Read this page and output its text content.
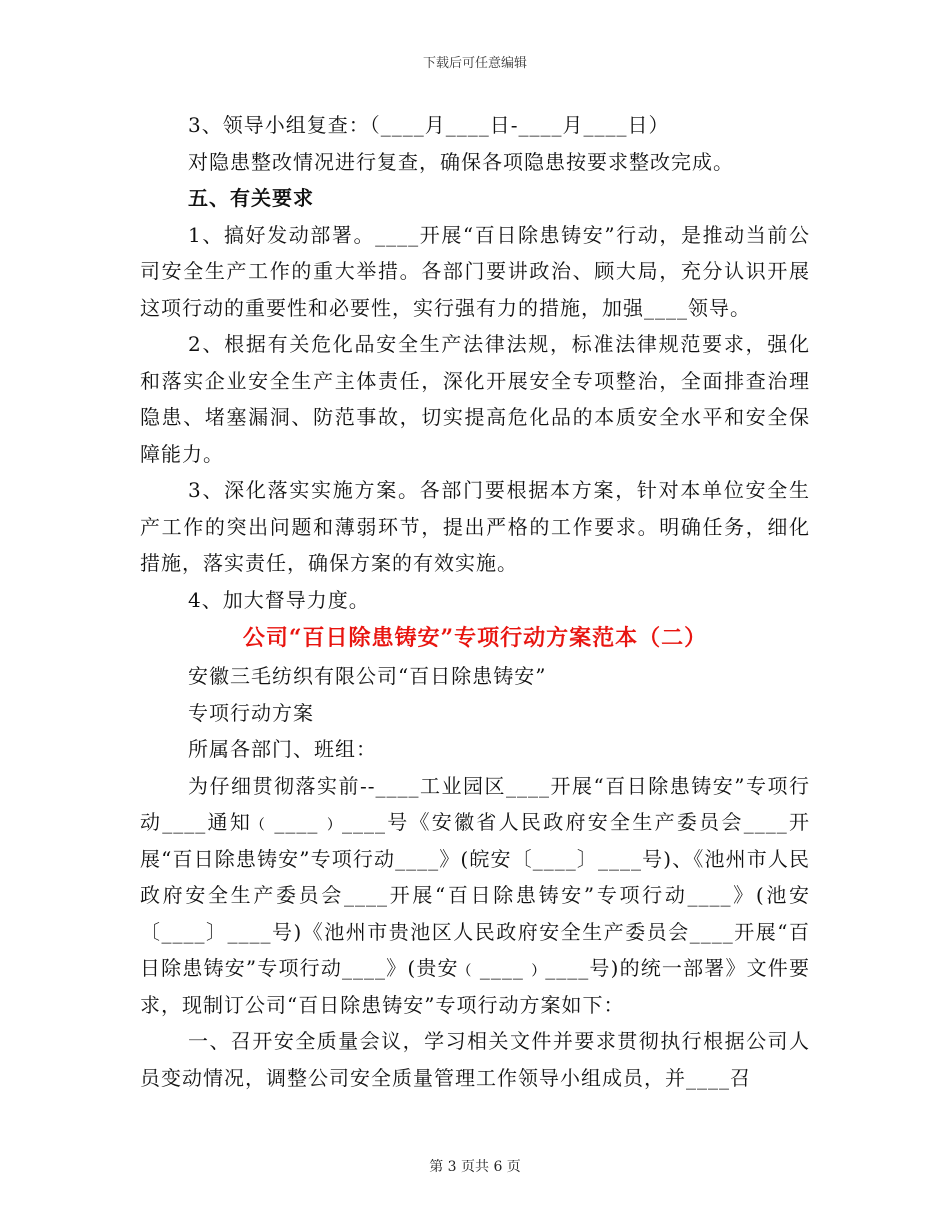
下载后可任意编辑

3、领导小组复查：（____月____日-____月____日）

对隐患整改情况进行复查，确保各项隐患按要求整改完成。

五、有关要求

1、搞好发动部署。____开展“百日除患铸安”行动，是推动当前公司安全生产工作的重大举措。各部门要讲政治、顾大局，充分认识开展这项行动的重要性和必要性，实行强有力的措施，加强____领导。

2、根据有关危化品安全生产法律法规，标准法律规范要求，强化和落实企业安全生产主体责任，深化开展安全专项整治，全面排查治理隐患、堵塞漏洞、防范事故，切实提高危化品的本质安全水平和安全保障能力。

3、深化落实实施方案。各部门要根据本方案，针对本单位安全生产工作的突出问题和薄弱环节，提出严格的工作要求。明确任务，细化措施，落实责任，确保方案的有效实施。

4、加大督导力度。

公司“百日除患铸安”专项行动方案范本（二）

安徽三毛纺织有限公司“百日除患铸安”

专项行动方案

所属各部门、班组：

为仔细贯彻落实前--____工业园区____开展“百日除患铸安”专项行动____通知﹙____﹚____号《安徽省人民政府安全生产委员会____开展“百日除患铸安”专项行动____》(皖安〔____〕____号)、《池州市人民政府安全生产委员会____开展“百日除患铸安”专项行动____》(池安〔____〕____号)《池州市贵池区人民政府安全生产委员会____开展“百日除患铸安”专项行动____》(贵安﹙____﹚____号)的统一部署》文件要求，现制订公司“百日除患铸安”专项行动方案如下：

一、召开安全质量会议，学习相关文件并要求贯彻执行根据公司人员变动情况，调整公司安全质量管理工作领导小组成员，并____召

第 3 页共 6 页
